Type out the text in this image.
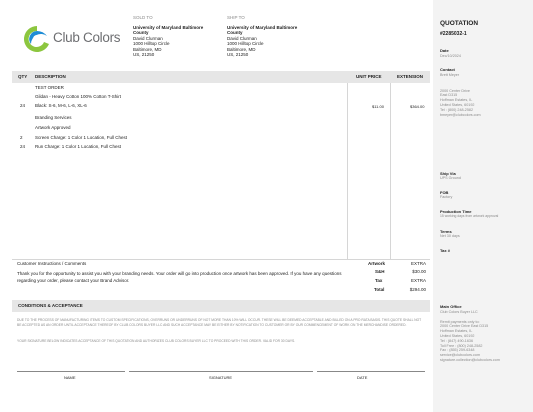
Club Colors
SOLD TO
University of Maryland Baltimore
County
David Clurman
1000 Hilltop Circle
Baltimore, MD
US, 21250
SHIP TO
University of Maryland Baltimore
County
David Clurman
1000 Hilltop Circle
Baltimore, MD
US, 21250
QTY DESCRIPTION	UNIT PRICE	EXTENSION
TEST ORDER
Gildan - Heavy Cotton 100% Cotton T-Shirt
24 Black: S-6, M-6, L-6, XL-6	$11.00	$364.00
Branding Services
Artwork Approved
2	Screen Charge: 1 Color 1 Location, Full Chest
24 Run Charge: 1 Color 1 Location, Full Chest
Customer Instructions / Comments
Thank you for the opportunity to assist you with your branding needs. Your order will go into production once artwork has been approved. If you have any questions regarding your order, please contact your Brand Advisor.
Artwork	EXTRA
S&H	$30.00
Tax	EXTRA
Total	$294.00
CONDITIONS & ACCEPTANCE
DUE TO THE PROCESS OF MANUFACTURING ITEMS TO CUSTOM SPECIFICATIONS, OVERRUNS OR UNDERRUNS OF NOT MORE THAN 10% WILL OCCUR. THESE WILL BE DEEMED ACCEPTABLE AND BILLED ON A PRO RATA BASIS. THIS QUOTE SHALL NOT BE ACCEPTED AS AN ORDER UNTIL ACCEPTANCE THEREOF BY CLUB COLORS BUYER LLC AND SUCH ACCEPTANCE MAY BE EITHER BY NOTIFICATION TO CUSTOMER OR BY OUR COMMENCEMENT OF WORK ON THE MERCHANDISE ORDERED.
YOUR SIGNATURE BELOW INDICATES ACCEPTANCE OF THIS QUOTATION AND AUTHORIZES CLUB COLORS BUYER LLC TO PROCEED WITH THIS ORDER. VALID FOR 30 DAYS.
NAME	SIGNATURE	DATE
QUOTATION
#2285032-1
Date
Dec/10/2024
Contact
Brett Meyer
2000 Center Drive
East D315
Hoffman Estates, IL
United States, 60192
Tel : (800) 248-2582
bmeyer@clubcolors.com
Ship Via
UPS Ground
FOB
Factory
Production Time
15 working days from artwork approval
Terms
Net 30 days
Tax #
Main Office
Club Colors Buyer LLC
Remit payments only to:
2000 Center Drive East D315
Hoffman Estates, IL
United States, 60192
Tel : (847) 490-1636
Toll Free : (800) 248-2582
Fax : (855) 259-6348
service@clubcolors.com
signature.collection@clubcolors.com
